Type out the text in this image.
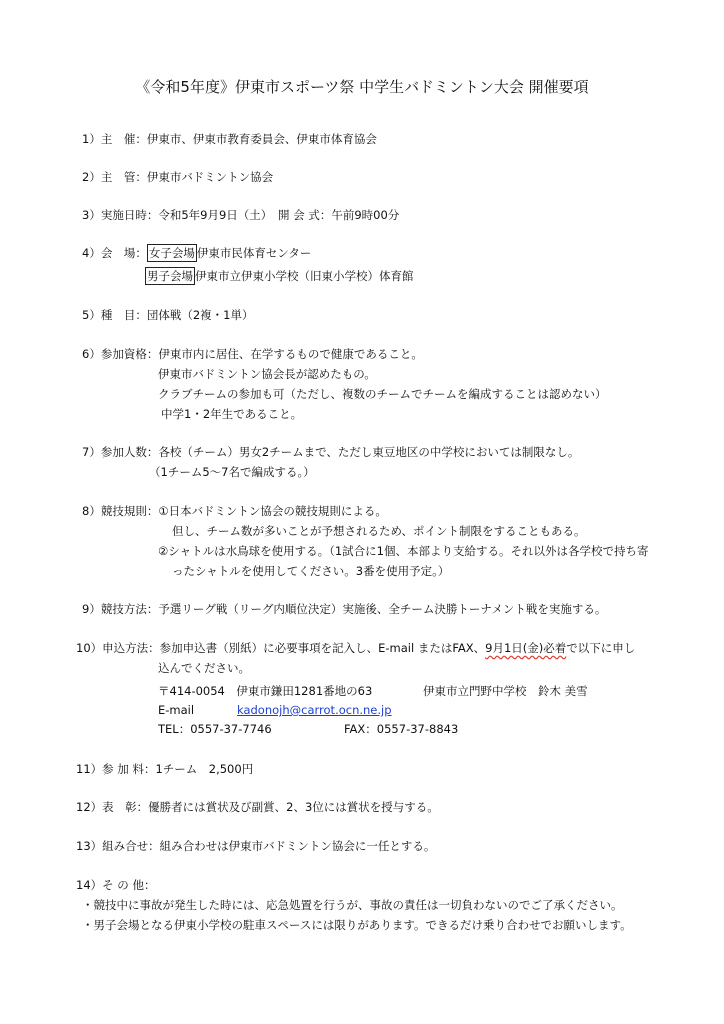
《令和5年度》伊東市スポーツ祭 中学生バドミントン大会 開催要項
1）主　催：伊東市、伊東市教育委員会、伊東市体育協会
2）主　管：伊東市バドミントン協会
3）実施日時：令和5年9月9日（土）　 開 会 式：午前9時00分
4）会　場： 女子会場 伊東市民体育センター
男子会場 伊東市立伊東小学校（旧東小学校）体育館
5）種　目：団体戦（2複・1単）
6）参加資格：伊東市内に居住、在学するもので健康であること。
伊東市バドミントン協会長が認めたもの。
クラブチームの参加も可（ただし、複数のチームでチームを編成することは認めない）
中学1・2年生であること。
7）参加人数：各校（チーム）男女2チームまで、ただし東豆地区の中学校においては制限なし。
（1チーム5～7名で編成する。）
8）競技規則：①日本バドミントン協会の競技規則による。
但し、チーム数が多いことが予想されるため、ポイント制限をすることもある。
②シャトルは水鳥球を使用する。（1試合に1個、本部より支給する。それ以外は各学校で持ち寄
ったシャトルを使用してください。3番を使用予定。）
9）競技方法：予選リーグ戦（リーグ内順位決定）実施後、全チーム決勝トーナメント戦を実施する。
10）申込方法：参加申込書（別紙）に必要事項を記入し、E-mail またはFAX、9月1日(金)必着で以下に申し
込んでください。
〒414-0054　伊東市鎌田1281番地の63	伊東市立門野中学校　 鈴木 美雪
E-mail	kadonojh@carrot.ocn.ne.jp
TEL：0557-37-7746	FAX：0557-37-8843
11）参 加 料：1チーム　2,500円
12）表　彰：優勝者には賞状及び副賞、2、3位には賞状を授与する。
13）組み合せ：組み合わせは伊東市バドミントン協会に一任とする。
14）そ の 他：
・競技中に事故が発生した時には、応急処置を行うが、事故の責任は一切負わないのでご了承ください。
・男子会場となる伊東小学校の駐車スペースには限りがあります。できるだけ乗り合わせでお願いします。
